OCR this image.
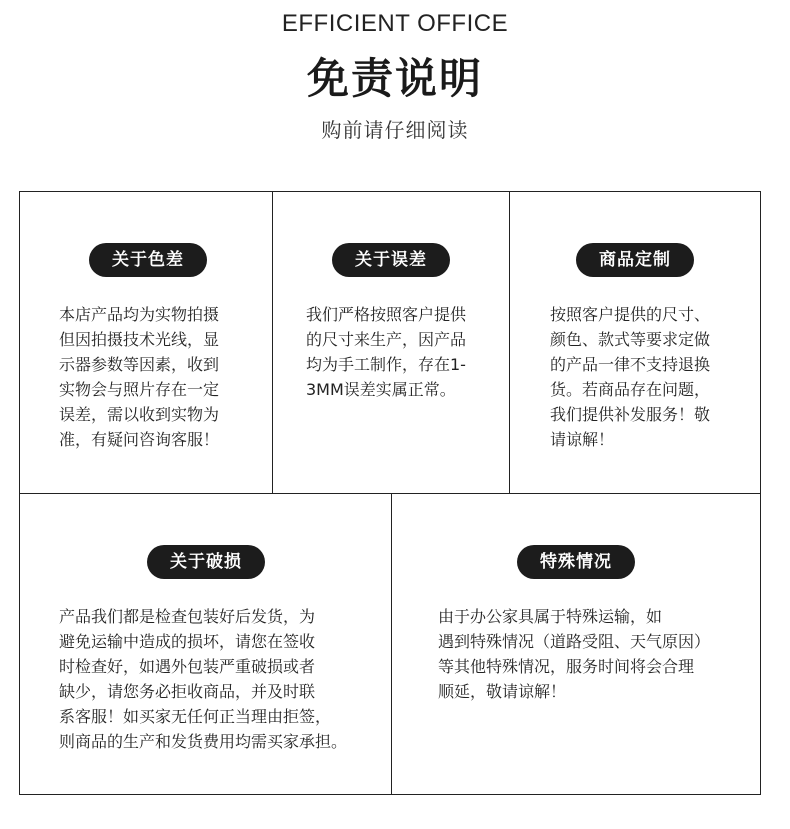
EFFICIENT OFFICE
免责说明
购前请仔细阅读
关于色差

本店产品均为实物拍摄
但因拍摄技术光线，显
示器参数等因素，收到
实物会与照片存在一定
误差，需以收到实物为
准，有疑问咨询客服！

关于误差

我们严格按照客户提供
的尺寸来生产，因产品
均为手工制作，存在1-
3MM误差实属正常。

商品定制

按照客户提供的尺寸、
颜色、款式等要求定做
的产品一律不支持退换
货。若商品存在问题，
我们提供补发服务！敬
请谅解！

关于破损

产品我们都是检查包装好后发货，为
避免运输中造成的损坏，请您在签收
时检查好，如遇外包装严重破损或者
缺少，请您务必拒收商品，并及时联
系客服！如买家无任何正当理由拒签，
则商品的生产和发货费用均需买家承担。

特殊情况

由于办公家具属于特殊运输，如
遇到特殊情况（道路受阻、天气原因）
等其他特殊情况，服务时间将会合理
顺延，敬请谅解！
